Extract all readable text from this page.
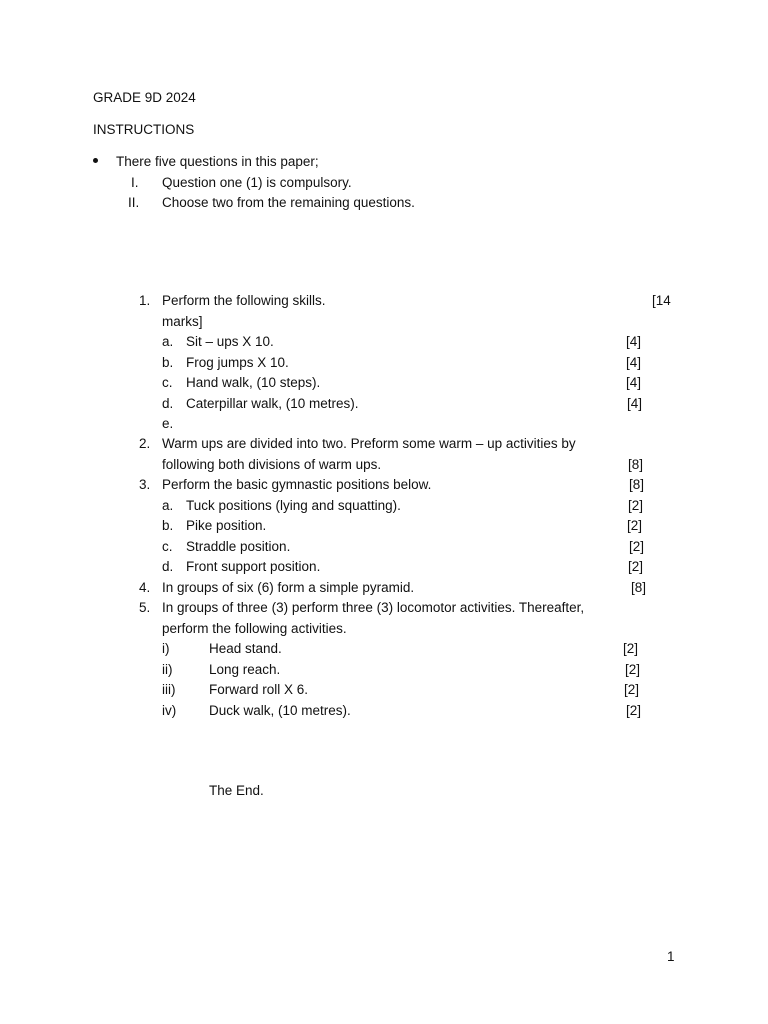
GRADE 9D 2024
INSTRUCTIONS
There five questions in this paper;
I. Question one (1) is compulsory.
II. Choose two from the remaining questions.
1. Perform the following skills.	[14
marks]
a. Sit – ups X 10.	[4]
b. Frog jumps X 10.	[4]
c. Hand walk, (10 steps).	[4]
d. Caterpillar walk, (10 metres).	[4]
e.
2. Warm ups are divided into two. Preform some warm – up activities by
following both divisions of warm ups.	[8]
3. Perform the basic gymnastic positions below.	[8]
a. Tuck positions (lying and squatting).	[2]
b. Pike position.	[2]
c. Straddle position.	[2]
d. Front support position.	[2]
4. In groups of six (6) form a simple pyramid.	[8]
5. In groups of three (3) perform three (3) locomotor activities. Thereafter,
perform the following activities.
i)	Head stand.	[2]
ii)	Long reach.	[2]
iii) Forward roll X 6.	[2]
iv) Duck walk, (10 metres).	[2]
The End.
1
